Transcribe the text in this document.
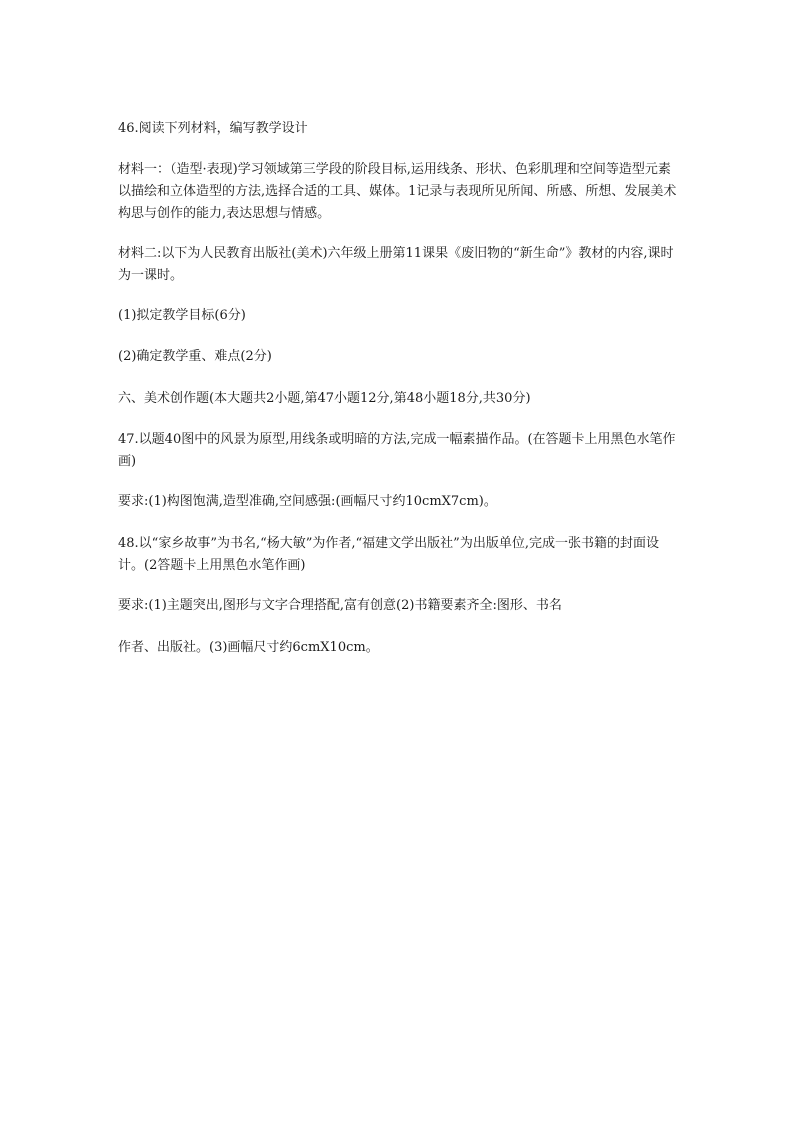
46.阅读下列材料，编写教学设计
材料一：（造型·表现)学习领域第三学段的阶段目标,运用线条、形状、色彩肌理和空间等造型元素以描绘和立体造型的方法,选择合适的工具、媒体。1记录与表现所见所闻、所感、所想、发展美术构思与创作的能力,表达思想与情感。
材料二:以下为人民教育出版社(美术)六年级上册第11课果《废旧物的“新生命”》教材的内容,课时为一课时。
(1)拟定教学目标(6分)
(2)确定教学重、难点(2分)
六、美术创作题(本大题共2小题,第47小题12分,第48小题18分,共30分)
47.以题40图中的风景为原型,用线条或明暗的方法,完成一幅素描作品。(在答题卡上用黑色水笔作画)
要求:(1)构图饱满,造型准确,空间感强:(画幅尺寸约10cmX7cm)。
48.以“家乡故事”为书名,“杨大敏”为作者,“福建文学出版社”为出版单位,完成一张书籍的封面设计。(2答题卡上用黑色水笔作画)
要求:(1)主题突出,图形与文字合理搭配,富有创意(2)书籍要素齐全:图形、书名
作者、出版社。(3)画幅尺寸约6cmX10cm。
